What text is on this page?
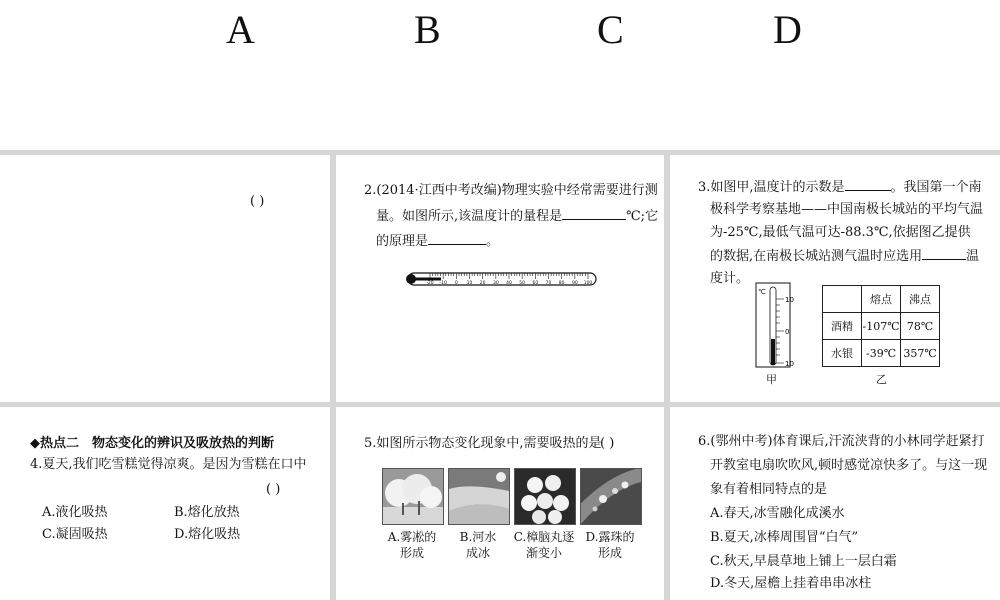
A	B	C	D
( )
2.(2014·江西中考改编)物理实验中经常需要进行测
量。如图所示,该温度计的量程是	℃;它
的原理是	。
-20 -10 0 10 20 30 40 50 60 70 80 90 100
3.如图甲,温度计的示数是	。我国第一个南
极科学考察基地——中国南极长城站的平均气温
为-25℃,最低气温可达-88.3℃,依据图乙提供
的数据,在南极长城站测气温时应选用	温
度计。
℃
10
0
10
甲
	熔点	沸点
酒精	-107℃	78℃
水银	-39℃	357℃
乙
◆热点二　物态变化的辨识及吸放热的判断
4.夏天,我们吃雪糕觉得凉爽。是因为雪糕在口中
( )
A.液化吸热	B.熔化放热
C.凝固吸热	D.熔化吸热
5.如图所示物态变化现象中,需要吸热的是
( )
A.雾凇的
形成
B.河水
成冰
C.樟脑丸逐
渐变小
D.露珠的
形成
6.(鄂州中考)体育课后,汗流浃背的小林同学赶紧打
开教室电扇吹吹风,顿时感觉凉快多了。与这一现
象有着相同特点的是
A.春天,冰雪融化成溪水
B.夏天,冰棒周围冒“白气”
C.秋天,早晨草地上铺上一层白霜
D.冬天,屋檐上挂着串串冰柱
